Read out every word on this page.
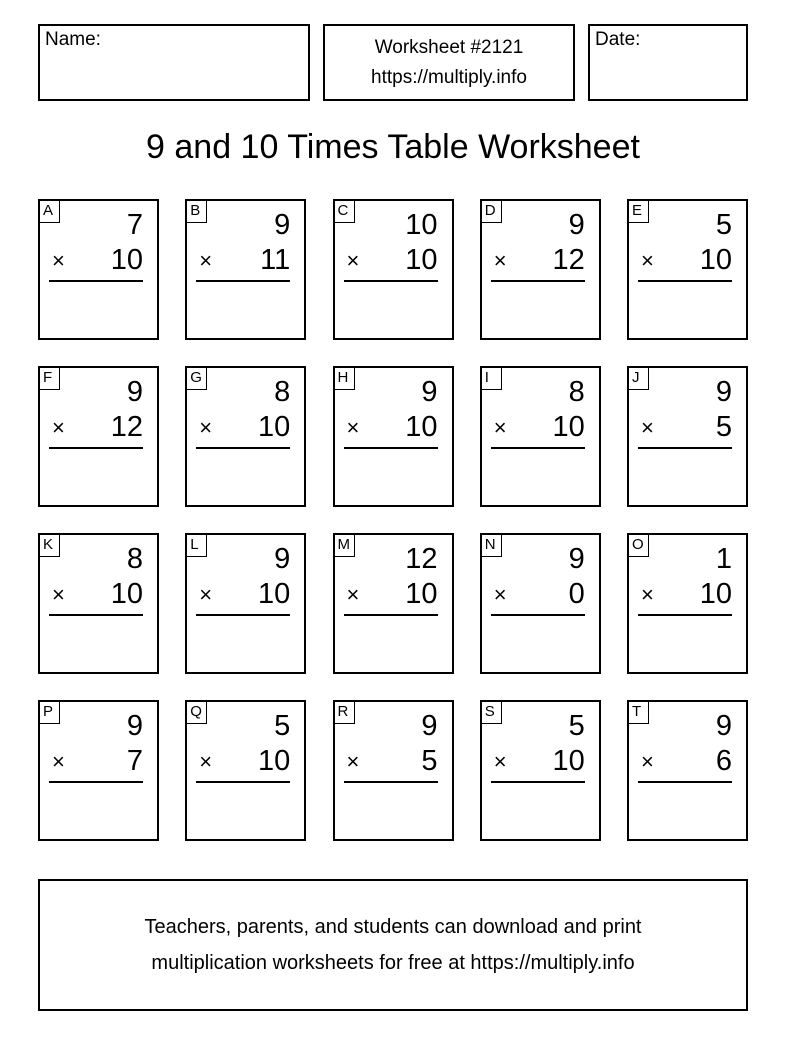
Name:	Worksheet #2121
https://multiply.info
Date:
9 and 10 Times Table Worksheet
A	7
× 10
B	9
× 11
C 10
× 10
D	9
× 12
E	5
× 10
F	9
× 12
G 8
× 10
H	9
× 10
I	8
× 10
J	9
× 5
K	8
× 10
L	9
× 10
M 12
× 10
N	9
× 0
O 1
× 10
P	9
× 7
Q 5
× 10
R	9
× 5
S	5
× 10
T	9
× 6
Teachers, parents, and students can download and print
multiplication worksheets for free at https://multiply.info
